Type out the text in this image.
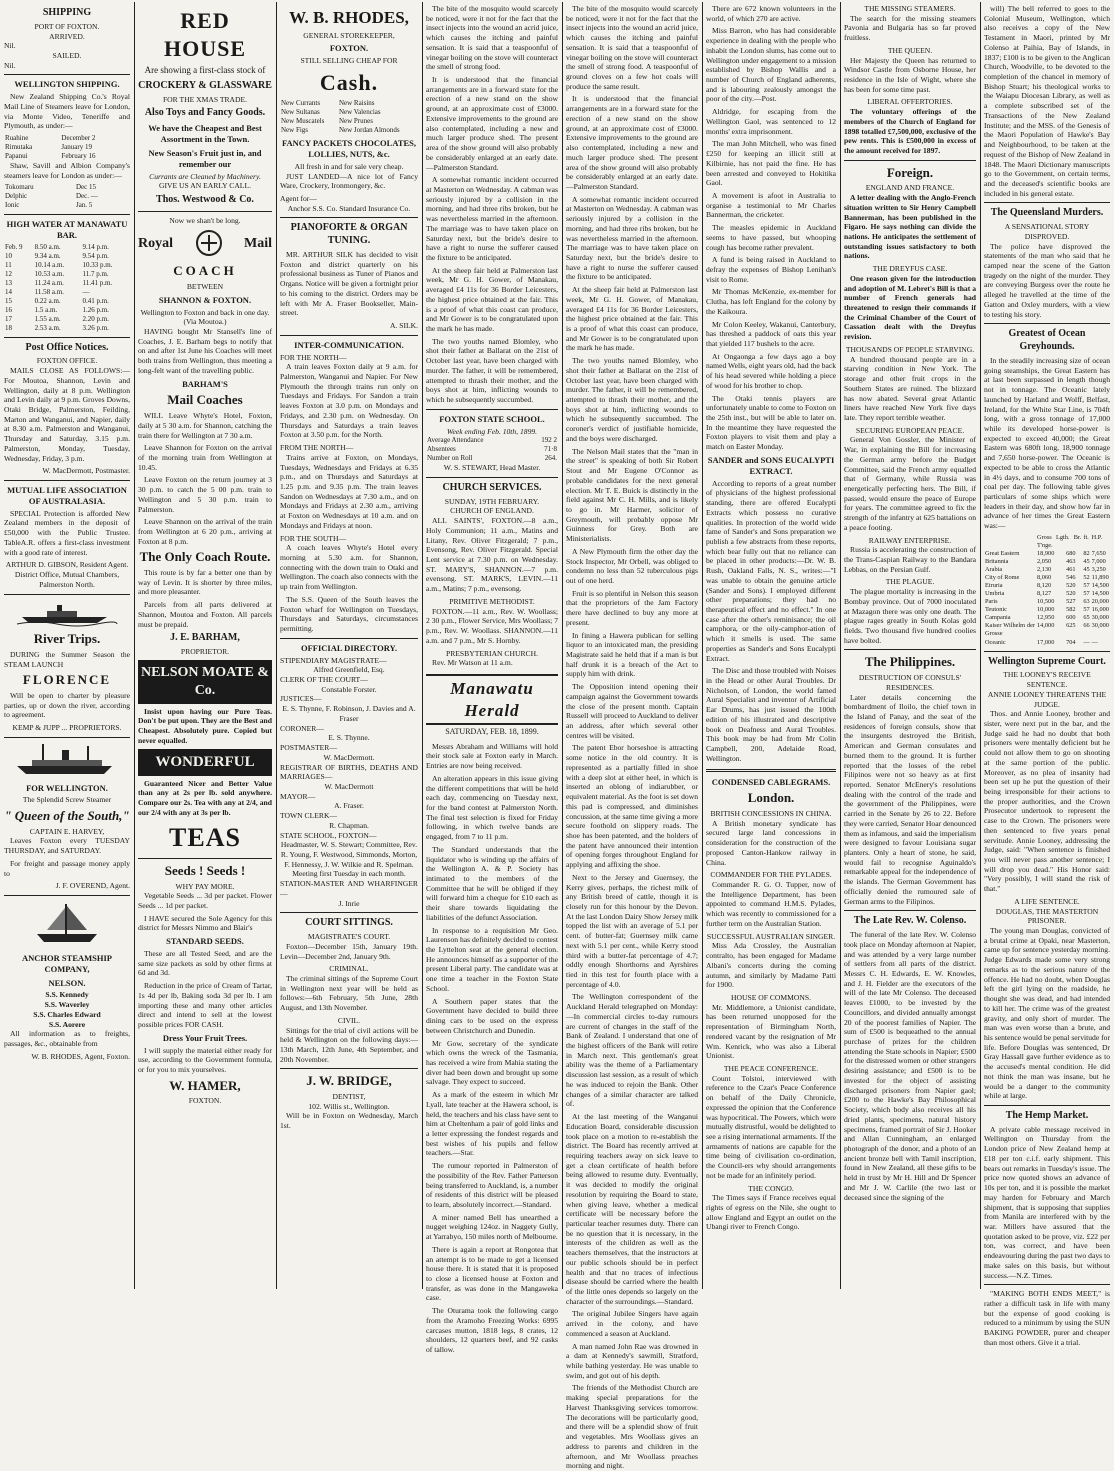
SHIPPING
PORT OF FOXTON.
ARRIVED.
Nil.
SAILED.
Nil.
WELLINGTON SHIPPING.

New Zealand Shipping Co.'s Royal Mail Line of Steamers leave for London, via Monte Video, Teneriffe and Plymouth, as under:—

Ruahine	December 2
Rimutaka	January 19
Papanui	February 16

Shaw, Savill and Albion Company's steamers leave for London as under:—

Tokomaru	Dec 15
Delphic	Dec. —
Ionic	Jan. 5
HIGH WATER AT MANAWATU BAR.
Feb. 9	8.50 a.m.	9.14 p.m.
10	9.34 a.m.	9.54 p.m.
11	10.14 a.m.	10.33 p.m.
12	10.53 a.m.	11.7 p.m.
13	11.24 a.m.	11.41 p.m.
14	11.58 a.m.	—
15	0.22 a.m.	0.41 p.m.
16	1.5 a.m.	1.26 p.m.
17	1.55 a.m.	2.20 p.m.
18	2.53 a.m.	3.26 p.m.
Post Office Notices.
FOXTON OFFICE.

MAILS CLOSE AS FOLLOWS:— For Moutoa, Shannon, Levin and Wellington, daily at 8 p.m. Wellington and Levin daily at 9 p.m. Groves Downs, Otaki Bridge, Palmerston, Feilding, Marton and Wanganui, and Napier, daily at 8.30 a.m. Palmerston and Wanganui, Thursday and Saturday, 3.15 p.m. Palmerston, Monday, Tuesday, Wednesday, Friday, 3 p.m.

W. MacDermott, Postmaster.
MUTUAL LIFE ASSOCIATION OF AUSTRALASIA.

SPECIAL Protection is afforded New Zealand members in the deposit of £50,000 with the Public Trustee. TableA.R. offers a first-class investment with a good rate of interest.

ARTHUR D. GIBSON, Resident Agent.
District Office, Mutual Chambers, Palmerston North.
River Trips.

DURING the Summer Season the STEAM LAUNCH

FLORENCE

Will be open to charter by pleasure parties, up or down the river, according to agreement.

KEMP & JUPP ... PROPRIETORS.
FOR WELLINGTON.
The Splendid Screw Steamer
" Queen of the South,"
CAPTAIN E. HARVEY,

Leaves Foxton every TUESDAY THURSDAY, and SATURDAY.

For freight and passage money apply to

J. F. OVEREND, Agent.
ANCHOR STEAMSHIP COMPANY,
NELSON.
S.S. Kennedy
S.S. Waverley
S.S. Charles Edward
S.S. Aorere

All information as to freights, passages, &c., obtainable from

W. B. RHODES, Agent, Foxton.
RED HOUSE
Are showing a first-class stock of
CROCKERY & GLASSWARE
FOR THE XMAS TRADE.
Also Toys and Fancy Goods.
We have the Cheapest and Best Assortment in the Town.
New Season's Fruit just in, and remember our
Currants are Cleaned by Machinery.
GIVE US AN EARLY CALL.
Thos. Westwood & Co.
Now we shan't be long.
Royal	Mail
COACH
BETWEEN
SHANNON & FOXTON.
Wellington to Foxton and back in one day.
(Via Moutoa.)

HAVING bought Mr Stansell's line of Coaches, J. E. Barham begs to notify that on and after 1st June his Coaches will meet both trains from Wellington, thus meeting a long-felt want of the travelling public.

BARHAM'S
Mail Coaches

WILL Leave Whyte's Hotel, Foxton, daily at 5 30 a.m. for Shannon, catching the train there for Wellington at 7 30 a.m.

Leave Shannon for Foxton on the arrival of the morning train from Wellington at 10.45.

Leave Foxton on the return journey at 3 30 p.m. to catch the 5 00 p.m. train to Wellington and 5 30 p.m. train to Palmerston.

Leave Shannon on the arrival of the train from Wellington at 6 20 p.m., arriving at Foxton at 8 p.m.

The Only Coach Route.

This route is by far a better one than by way of Levin. It is shorter by three miles, and more pleasanter.

Parcels from all parts delivered at Shannon, Moutoa and Foxton. All parcels must be prepaid.

J. E. BARHAM,
PROPRIETOR.
NELSON MOATE & Co.

Insist upon having our Pure Teas. Don't be put upon. They are the Best and Cheapest. Absolutely pure. Copied but never equalled.

WONDERFUL

Guaranteed Nicer and Better Value than any at 2s per lb. sold anywhere. Compare our 2s. Tea with any at 2/4, and our 2/4 with any at 3s per lb.

TEAS
Seeds ! Seeds !
WHY PAY MORE.

Vegetable Seeds ... 3d per packet. Flower Seeds ... 1d per packet.

I HAVE secured the Sole Agency for this district for Messrs Nimmo and Blair's

STANDARD SEEDS.

These are all Tested Seed, and are the same size packets as sold by other firms at 6d and 3d.

Reduction in the price of Cream of Tartar, 1s 4d per lb, Baking soda 3d per lb. I am importing these and many other articles direct and intend to sell at the lowest possible prices FOR CASH.

Dress Your Fruit Trees.

I will supply the material either ready for use, according to the Government formula, or for you to mix yourselves.

W. HAMER,
FOXTON.
W. B. RHODES,
GENERAL STOREKEEPER,
FOXTON.
STILL SELLING CHEAP FOR
Cash.
New Currants	New Raisins
New Sultanas	New Valencias
New Muscatels	New Prunes
New Figs	New Jordan Almonds
FANCY PACKETS CHOCOLATES, LOLLIES, NUTS, &c.
All fresh in and for sale very cheap.

JUST LANDED—A nice lot of Fancy Ware, Crockery, Ironmongery, &c.

Agent for—
Anchor S.S. Co. Standard Insurance Co.
PIANOFORTE & ORGAN TUNING.

MR. ARTHUR SILK has decided to visit Foxton and district quarterly on his professional business as Tuner of Pianos and Organs. Notice will be given a fortnight prior to his coming to the district. Orders may be left with Mr A. Fraser Bookseller, Main-street.

A. SILK.
INTER-COMMUNICATION.
FOR THE NORTH—

A train leaves Foxton daily at 9 a.m. for Palmerston, Wanganui and Napier. For New Plymouth the through trains run only on Tuesdays and Fridays. For Sandon a train leaves Foxton at 3.0 p.m. on Mondays and Fridays, and 2.30 p.m. on Wednesday. On Thursdays and Saturdays a train leaves Foxton at 3.50 p.m. for the North.

FROM THE NORTH—

Trains arrive at Foxton, on Mondays, Tuesdays, Wednesdays and Fridays at 6.35 p.m., and on Thursdays and Saturdays at 1.25 p.m. and 9.35 p.m. The train leaves Sandon on Wednesdays at 7.30 a.m., and on Mondays and Fridays at 2.30 a.m., arriving at Foxton on Wednesdays at 10 a.m. and on Mondays and Fridays at noon.

FOR THE SOUTH—

A coach leaves Whyte's Hotel every morning at 5.30 a.m. for Shannon, connecting with the down train to Otaki and Wellington. The coach also connects with the up train from Wellington.

The S.S. Queen of the South leaves the Foxton wharf for Wellington on Tuesdays, Thursdays and Saturdays, circumstances permitting.

OFFICIAL DIRECTORY.
STIPENDIARY MAGISTRATE—
Alfred Greenfield, Esq.
CLERK OF THE COURT—
Constable Forster.
JUSTICES—
E. S. Thynne, F. Robinson, J. Davies and A. Fraser
CORONER—
E. S. Thynne.
POSTMASTER—
W. MacDermott.
REGISTRAR OF BIRTHS, DEATHS AND MARRIAGES—
W. MacDermott
MAYOR—
A. Fraser.
TOWN CLERK—
R. Chapman.
STATE SCHOOL, FOXTON—
Headmaster, W. S. Stewart; Committee, Rev. R. Young, F. Westwood, Simmonds, Morton, F. Hennessy, J. W. Wilkie and R. Spelman. Meeting first Tuesday in each month.
STATION-MASTER AND WHARFINGER—
J. Inrie
COURT SITTINGS.
MAGISTRATE'S COURT.

Foxton—December 15th, January 19th. Levin—December 2nd, January 9th.

CRIMINAL.

The criminal sittings of the Supreme Court in Wellington next year will be held as follows:—6th February, 5th June, 28th August, and 13th November.

CIVIL.

Sittings for the trial of civil actions will be held & Wellington on the following days:—13th March, 12th June, 4th September, and 20th November.

J. W. BRIDGE,
DENTIST,
102. Willis st., Wellington.

Will be in Foxton on Wednesday, March 1st.

The bite of the mosquito would scarcely be noticed, were it not for the fact that the insect injects into the wound an acrid juice, which causes the itching and painful sensation. It is said that a teaspoonful of vinegar boiling on the stove will counteract the smell of strong food.

It is understood that the financial arrangements are in a forward state for the erection of a new stand on the show ground, at an approximate cost of £3000. Extensive improvements to the ground are also contemplated, including a new and much larger produce shed. The present area of the show ground will also probably be considerably enlarged at an early date.—Palmerston Standard.

A somewhat romantic incident occurred at Masterton on Wednesday. A cabman was seriously injured by a collision in the morning, and had three ribs broken, but he was nevertheless married in the afternoon. The marriage was to have taken place on Saturday next, but the bride's desire to have a right to nurse the sufferer caused the fixture to be anticipated.

At the sheep fair held at Palmerston last week, Mr G. H. Gower, of Manakau, averaged £4 11s for 36 Border Leicesters, the highest price obtained at the fair. This is a proof of what this coast can produce, and Mr Gower is to be congratulated upon the mark he has made.

The two youths named Blomley, who shot their father at Ballarat on the 21st of October last year, have been charged with murder. The father, it will be remembered, attempted to thrash their mother, and the boys shot at him, inflicting wounds to which he subsequently succumbed.

FOXTON STATE SCHOOL.
Week ending Feb. 10th, 1899.
Average Attendance	192 2
Absentees	71·8
Number on Roll	264.
W. S. STEWART, Head Master.
CHURCH SERVICES.
SUNDAY, 19TH FEBRUARY.
CHURCH OF ENGLAND.

ALL SAINTS', FOXTON.—8 a.m., Holy Communion; 11 a.m., Matins and Litany, Rev. Oliver Fitzgerald; 7 p.m., Evensong, Rev. Oliver Fitzgerald. Special Lent service at 7.30 p.m. on Wednesday. ST. MARY'S, SHANNON.—7 p.m. evensong. ST. MARK'S, LEVIN.—11 a.m., Matins; 7 p.m., evensong.

PRIMITIVE METHODIST.

FOXTON.—11 a.m., Rev. W. Woollass; 2 30 p.m., Flower Service, Mrs Woollass; 7 p.m., Rev. W. Woollass. SHANNON.—11 a.m. and 7 p.m., Mr S. Hornby.

PRESBYTERIAN CHURCH.

Rev. Mr Watson at 11 a.m.

Manawatu Herald
SATURDAY, FEB. 18, 1899.

Messrs Abraham and Williams will hold their stock sale at Foxton early in March. Entries are now being received.

An alteration appears in this issue giving the different competitions that will be held each day, commencing on Tuesday next, for the band contest at Palmerston North. The final test selection is fixed for Friday following, in which twelve bands are engaged, from 7 to 11 p.m.

The Standard understands that the liquidator who is winding up the affairs of the Wellington A. & P. Society has intimated to the members of the Committee that he will be obliged if they will forward him a cheque for £10 each as their share towards liquidating the liabilities of the defunct Association.

In response to a requisition Mr Geo. Laurenson has definitely decided to contest the Lyttelton seat at the general election. He announces himself as a supporter of the present Liberal party. The candidate was at one time a teacher in the Foxton State School.

A Southern paper states that the Government have decided to build three dining cars to be used on the express between Christchurch and Dunedin.

Mr Gow, secretary of the syndicate which owns the wreck of the Tasmania, has received a wire from Mahia stating the diver had been down and brought up some salvage. They expect to succeed.

As a mark of the esteem in which Mr Lyall, late teacher at the Hawera school, is held, the teachers and his class have sent to him at Cheltenham a pair of gold links and a letter expressing the fondest regards and best wishes of his pupils and fellow teachers.—Star.

The rumour reported in Palmerston of the possibility of the Rev. Father Patterson being transferred to Auckland, is, a number of residents of this district will be pleased to learn, absolutely incorrect.—Standard.

A miner named Bell has unearthed a nugget weighing 124oz. in Naggety Gully, at Yarrabyo, 150 miles north of Melbourne.

There is again a report at Rongotea that an attempt is to be made to get a licensed house there. It is stated that it is proposed to close a licensed house at Foxton and transfer, as was done in the Mangaweka case.

The Oturama took the following cargo from the Aramoho Freezing Works: 6995 carcases mutton, 1818 legs, 8 crates, 12 shoulders, 12 quarters beef, and 92 casks of tallow.

The bite of the mosquito would scarcely be noticed, were it not for the fact that the insect injects into the wound an acrid juice, which causes the itching and painful sensation. It is said that a teaspoonful of vinegar boiling on the stove will counteract the smell of strong food. A teaspoonful of ground cloves on a few hot coals will produce the same result.

It is understood that the financial arrangements are in a forward state for the erection of a new stand on the show ground, at an approximate cost of £3000. Extensive improvements to the ground are also contemplated, including a new and much larger produce shed. The present area of the show ground will also probably be considerably enlarged at an early date.—Palmerston Standard.

A somewhat romantic incident occurred at Masterton on Wednesday. A cabman was seriously injured by a collision in the morning, and had three ribs broken, but he was nevertheless married in the afternoon. The marriage was to have taken place on Saturday next, but the bride's desire to have a right to nurse the sufferer caused the fixture to be anticipated.

At the sheep fair held at Palmerston last week, Mr G. H. Gower, of Manakau, averaged £4 11s for 36 Border Leicesters, the highest price obtained at the fair. This is a proof of what this coast can produce, and Mr Gower is to be congratulated upon the mark he has made.

The two youths named Blomley, who shot their father at Ballarat on the 21st of October last year, have been charged with murder. The father, it will be remembered, attempted to thrash their mother, and the boys shot at him, inflicting wounds to which he subsequently succumbed. The coroner's verdict of justifiable homicide, and the boys were discharged.

The Nelson Mail states that the "man in the street" is speaking of both Sir Robert Stout and Mr Eugene O'Connor as probable candidates for the next general election. Mr T. E. Buick is distinctly in the field against Mr C. H. Mills, and is likely to go in. Mr Harmer, solicitor of Greymouth, will probably oppose Mr Guinness for Grey. Both are Ministerialists.

A New Plymouth firm the other day the Stock Inspector, Mr Orbell, was obliged to condemn no less than 52 tuberculous pigs out of one herd.

Fruit is so plentiful in Nelson this season that the proprietors of the Jam Factory there have declined to buy any more at present.

In fining a Hawera publican for selling liquor to an intoxicated man, the presiding Magistrate said he held that if a man is but half drunk it is a breach of the Act to supply him with drink.

The Opposition intend opening their campaign against the Government towards the close of the present month. Captain Russell will proceed to Auckland to deliver an address, after which several other centres will be visited.

The patent Ebor horseshoe is attracting some notice in the old country. It is represented as a partially filled in shoe with a deep slot at either heel, in which is inserted an oblong of indiarubber, or equivalent material. As the foot is set down this pad is compressed, and diminishes concussion, at the same time giving a more secure foothold on slippery roads. The shoe has been patented, and the holders of the patent have announced their intention of opening forges throughout England for applying and affixing the shoe.

Next to the Jersey and Guernsey, the Kerry gives, perhaps, the richest milk of any British breed of cattle, though it is closely run for this honour by the Devon. At the last London Dairy Show Jersey milk topped the list with an average of 5.1 per cent. of butter-fat; Guernsey milk came next with 5.1 per cent., while Kerry stood third with a butter-fat percentage of 4.7; oddly enough Shorthorns and Ayrshires tied in this test for fourth place with a percentage of 4.0.

The Wellington correspondent of the Auckland Herald telegraphed on Monday:—In commercial circles to-day rumours are current of changes in the staff of the Bank of Zealand. I understand that one of the highest officers of the Bank will retire in March next. This gentleman's great ability was the theme of a Parliamentary discussion last session, as a result of which he was induced to rejoin the Bank. Other changes of a similar character are talked of.

At the last meeting of the Wanganui Education Board, considerable discussion took place on a motion to re-establish the district. The Board has recently arrived at requiring teachers away on sick leave to get a clean certificate of health before being allowed to resume duty. Eventually, it was decided to modify the original resolution by requiring the Board to state, when giving leave, whether a medical certificate will be necessary before the particular teacher resumes duty. There can be no question that it is necessary, in the interests of the children as well as the teachers themselves, that the instructors at our public schools should be in perfect health and that no traces of infectious disease should be carried where the health of the little ones depends so largely on the character of the surroundings.—Standard.

The original Jubilee Singers have again arrived in the colony, and have commenced a season at Auckland.

A man named John Rae was drowned in a dam at Kennedy's sawmill, Stratford, while bathing yesterday. He was unable to swim, and got out of his depth.

The friends of the Methodist Church are making special preparations for the Harvest Thanksgiving services tomorrow. The decorations will be particularly good, and there will be a splendid show of fruit and vegetables. Mrs Woollass gives an address to parents and children in the afternoon, and Mr Woollass preaches morning and night.

There are 672 known volunteers in the world, of which 270 are active.

Miss Barron, who has had considerable experience in dealing with the people who inhabit the London slums, has come out to Wellington under engagement to a mission established by Bishop Wallis and a number of Church of England adherents, and is labouring zealously amongst the poor of the city.—Post.

Aldridge, for escaping from the Wellington Gaol, was sentenced to 12 months' extra imprisonment.

The man John Mitchell, who was fined £250 for keeping an illicit still at Kilbirnie, has not paid the fine. He has been arrested and conveyed to Hokitika Gaol.

A movement is afoot in Australia to organise a testimonial to Mr Charles Bannerman, the cricketer.

The measles epidemic in Auckland seems to have passed, but whooping cough has become rather prevalent.

A fund is being raised in Auckland to defray the expenses of Bishop Lenihan's visit to Rome.

Mr Thomas McKenzie, ex-member for Clutha, has left England for the colony by the Kaikoura.

Mr Colon Keeley, Wakanui, Canterbury, has threshed a paddock of oats this year that yielded 117 bushels to the acre.

At Ongaonga a few days ago a boy named Wells, eight years old, had the back of his head severed while holding a piece of wood for his brother to chop.

The Otaki tennis players are unfortunately unable to come to Foxton on the 25th inst., but will be able to later on. In the meantime they have requested the Foxton players to visit them and play a match on Easter Monday.

SANDER and SONS EUCALYPTI EXTRACT.

According to reports of a great number of physicians of the highest professional standing, there are offered Eucalypti Extracts which possess no curative qualities. In protection of the world wide fame of Sander's and Sons preparation we publish a few abstracts from these reports, which bear fully out that no reliance can be placed in other products:—Dr. W. B. Rush, Oakland Falls, N. S., writes:—"I was unable to obtain the genuine article (Sander and Sons). I employed different other preparations; they had no therapeutical effect and no effect." In one case after the other's reminisance; the oil camphora, or the oily-camphor-ation of which it smells is used. The same properties as Sander's and Sons Eucalypti Extract.

The Disc and those troubled with Noises in the Head or other Aural Troubles. Dr Nicholson, of London, the world famed Aural Specialist and inventor of Artificial Ear Drums, has just issued the 100th edition of his illustrated and descriptive book on Deafness and Aural Troubles. This book may be had from Mr Colin Campbell, 200, Adelaide Road, Wellington.

CONDENSED CABLEGRAMS.
London.
BRITISH CONCESSIONS IN CHINA.

A British monetary syndicate has secured large land concessions in consideration for the construction of the proposed Canton-Hankow railway in China.

COMMANDER FOR THE PYLADES.

Commander R. G. O. Tupper, now of the Intelligence Department, has been appointed to command H.M.S. Pylades, which was recently to commissioned for a further term on the Australian Station.

SUCCESSFUL AUSTRALIAN SINGER.

Miss Ada Crossley, the Australian contralto, has been engaged for Madame Albani's concerts during the coming autumn, and similarly by Madame Patti for 1900.

HOUSE OF COMMONS.

Mr. Middlemore, a Unionist candidate, has been returned unopposed for the representation of Birmingham North, rendered vacant by the resignation of Mr Wm. Kenrick, who was also a Liberal Unionist.

THE PEACE CONFERENCE.

Count Tolstoi, interviewed with reference to the Czar's Peace Conference on behalf of the Daily Chronicle, expressed the opinion that the Conference was hypocritical. The Powers, which were mutually distrustful, would be delighted to see a rising international armaments. If the armaments of nations are capable for the time being of civilisation co-ordination, the Council-ers why should arrangements not be made for an infinitely period.

THE CONGO.

The Times says if France receives equal rights of egress on the Nile, she ought to allow England and Egypt an outlet on the Ubangi river to French Congo.

THE MISSING STEAMERS.

The search for the missing steamers Pavonia and Bulgaria has so far proved fruitless.

THE QUEEN.

Her Majesty the Queen has returned to Windsor Castle from Osborne House, her residence in the Isle of Wight, where she has been for some time past.

LIBERAL OFFERTORIES.

The voluntary offerings of the members of the Church of England for 1898 totalled £7,500,000, exclusive of the pew rents. This is £500,000 in excess of the amount received for 1897.

Foreign.
ENGLAND AND FRANCE.

A letter dealing with the Anglo-French situation written to Sir Henry Campbell Bannerman, has been published in the Figaro. He says nothing can divide the nations. He anticipates the settlement of outstanding issues satisfactory to both nations.

THE DREYFUS CASE.

One reason given for the introduction and adoption of M. Lebret's Bill is that a number of French generals had threatened to resign their commands if the Criminal Chamber of the Court of Cassation dealt with the Dreyfus revision.

THOUSANDS OF PEOPLE STARVING.

A hundred thousand people are in a starving condition in New York. The storage and other fruit crops in the Southern States are ruined. The blizzard has now abated. Several great Atlantic liners have reached New York five days late. They report terrible weather.

SECURING EUROPEAN PEACE.

General Von Gossler, the Minister of War, in explaining the Bill for increasing the German army before the Budget Committee, said the French army equalled that of Germany, while Russia was energetically perfecting hers. The Bill, if passed, would ensure the peace of Europe for years. The committee agreed to fix the strength of the infantry at 625 battalions on a peace footing.

RAILWAY ENTERPRISE.

Russia is accelerating the construction of the Trans-Caspian Railway to the Bandara Lebbas, on the Persian Gulf.

THE PLAGUE.

The plague mortality is increasing in the Bombay province. Out of 7000 inoculated at Mazagon there was only one death. The plague rages greatly in South Kolas gold fields. Two thousand five hundred coolies have bolted.

The Philippines.
DESTRUCTION OF CONSULS' RESIDENCES.

Later details concerning the bombardment of Iloilo, the chief town in the Island of Panay, and the seat of the residences of foreign consuls, show that the insurgents destroyed the British, American and German consulates and burned them to the ground. It is further reported that the losses of the rebel Filipinos were not so heavy as at first reported. Senator McEnery's resolutions dealing with the control of the trade and the government of the Philippines, were carried in the Senate by 26 to 22. Before they were carried, Senator Hoar denounced them as infamous, and said the imperialism were designed to favour Louisiana sugar planters. Only a heart of stone, he said, would fail to recognise Aguinaldo's remarkable appeal for the independence of the islands. The German Government has officially denied the rumoured sale of German arms to the Filipinos.

The Late Rev. W. Colenso.

The funeral of the late Rev. W. Colenso took place on Monday afternoon at Napier, and was attended by a very large number of settlers from all parts of the district. Messrs C. H. Edwards, E. W. Knowles, and J. H. Fielder are the executors of the will of the late Mr Colenso. The deceased leaves £1000, to be invested by the Councillors, and divided annually amongst 20 of the poorest families of Napier. The sum of £500 is bequeathed to the annual purchase of prizes for the children attending the State schools in Napier; £500 for the distressed women or other strangers desiring assistance; and £500 is to be invested for the object of assisting discharged prisoners from Napier gaol; £200 to the Hawke's Bay Philosophical Society, which body also receives all his dried plants, specimens, natural history specimens, framed portrait of Sir J. Hooker and Allan Cunningham, an enlarged photograph of the donor, and a photo of an ancient bronze bell with Tamil inscription, found in New Zealand, all these gifts to be held in trust by Mr H. Hill and Dr Spencer and Mr J. W. Carlile (the two last or deceased since the signing of the

will) The bell referred to goes to the Colonial Museum, Wellington, which also receives a copy of the New Testament in Maori, printed by Mr Colenso at Paihia, Bay of Islands, in 1837; £100 is to be given to the Anglican Church, Woodville, to be devoted to the completion of the chancel in memory of Bishop Stuart; his theological works to the Waiapu Diocesan Library, as well as a complete subscribed set of the Transactions of the New Zealand Institute; and the MSS. of the Genesis of the Maori Population of Hawke's Bay and Neighbourhood, to be taken at the request of the Bishop of New Zealand in 1848. The Maori Dictionary manuscripts go to the Government, on certain terms, and the deceased's scientific books are included in his general estate.

The Queensland Murders.
A SENSATIONAL STORY DISPROVED.

The police have disproved the statements of the man who said that he camped near the scene of the Gatton tragedy on the night of the murder. They are conveying Burgess over the route he alleged he travelled at the time of the Gatton and Oxley murders, with a view to testing his story.

Greatest of Ocean Greyhounds.

In the steadily increasing size of ocean going steamships, the Great Eastern has at last been surpassed in length though not in tonnage. The Oceanic lately launched by Harland and Wolff, Belfast, Ireland, for the White Star Line, is 704ft long, with a gross tonnage of 17,000 while its developed horse-power is expected to exceed 40,000; the Great Eastern was 680ft long, 18,900 tonnage and 7,650 horse-power. The Oceanic is expected to be able to cross the Atlantic in 4½ days, and to consume 700 tons of coal per day. The following table gives particulars of some ships which were leaders in their day, and show how far in advance of her times the Great Eastern was:—

	Gross Lgth. Br. T'nge.		ft.	H.P.
Great Eastern	18,900	680	82	7,650
Britannia	2,050	463	45	7,000
Arabia	2,130	461	45	3,250
City of Rome	8,060	546	52	11,890
Etruria	8,120	520	57	14,500
Umbria	8,127	520	57	14,500
Paris	10,500	527	63	20,000
Teutonic	10,000	582	57	16,000
Campania	12,950	600	65	30,000
Kaiser Wilhelm der Grosse	14,000	625	66	30,000
Oceanic	17,000	704	—	—
Wellington Supreme Court.
THE LOONEY'S RECEIVE SENTENCE.
ANNIE LOONEY THREATENS THE JUDGE.

Thos. and Annie Looney, brother and sister, were next put in the bar, and the Judge said he had no doubt that both prisoners were mentally deficient but he could not allow them to go on shooting at the same portion of the public. Moreover, as no plea of insanity had been set up he put the question of their being irresponsible for their actions to the proper authorities, and the Crown Prosecutor undertook to represent the case to the Crown. The prisoners were then sentenced to five years penal servitude. Annie Looney, addressing the Judge, said: "When sentence is finished you will never pass another sentence; I will drop you dead." His Honor said: "Very possibly, I will stand the risk of that."

A LIFE SENTENCE.
DOUGLAS, THE MASTERTON PRISONER.

The young man Douglas, convicted of a brutal crime at Opaki, near Masterton, came up for sentence yesterday morning. Judge Edwards made some very strong remarks as to the serious nature of the offence. He had no doubt, when Douglas left the girl lying on the roadside, he thought she was dead, and had intended to kill her. The crime was of the greatest gravity, and only short of murder. The man was even worse than a brute, and his sentence would be penal servitude for life. Before Douglas was sentenced, Dr Gray Hassall gave further evidence as to the accused's mental condition. He did not think the man was insane, but he would be a danger to the community while at large.

The Hemp Market.

A private cable message received in Wellington on Thursday from the London price of New Zealand hemp at £18 per ton c.i.f. early shipment. This bears out remarks in Tuesday's issue. The price now quoted shows an advance of 10s per ton, and it is possible the market may harden for February and March shipment, that is supposing that supplies from Manila are interfered with by the war. Millers have assured that the quotation asked to be prove, viz. £22 per ton, was correct, and have been endeavouring during the past two days to make sales on this basis, but without success.—N.Z. Times.

"MAKING BOTH ENDS MEET," is rather a difficult task in life with many but the expense of good cooking is reduced to a minimum by using the SUN BAKING POWDER, purer and cheaper than most others. Give it a trial.
